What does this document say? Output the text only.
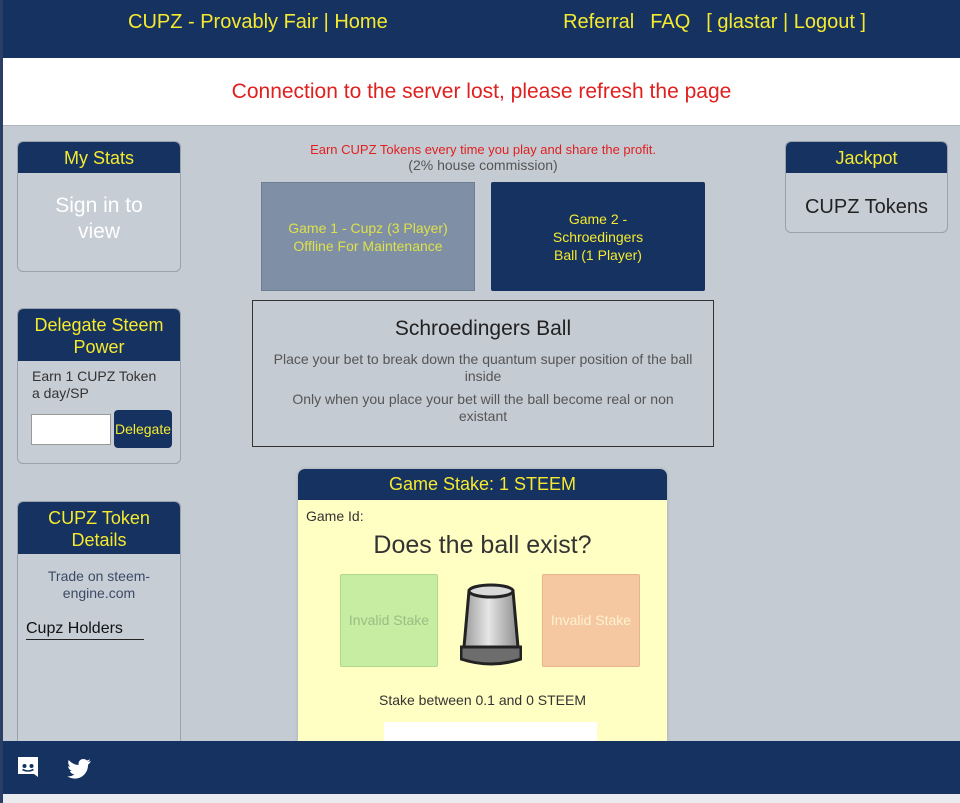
CUPZ - Provably Fair | Home	Referral FAQ [ glastar | Logout ]
Connection to the server lost, please refresh the page
My Stats
Sign in to view
Delegate Steem Power
Earn 1 CUPZ Token a day/SP
Delegate
CUPZ Token Details
Trade on steem-engine.com
Cupz Holders
Jackpot
CUPZ Tokens
Earn CUPZ Tokens every time you play and share the profit.
(2% house commission)
Game 1 - Cupz (3 Player) Offline For Maintenance
Game 2 - Schroedingers Ball (1 Player)
Schroedingers Ball

Place your bet to break down the quantum super position of the ball inside

Only when you place your bet will the ball become real or non existant

Game Stake: 1 STEEM
Game Id:
Does the ball exist?
Invalid Stake	Invalid Stake
Stake between 0.1 and 0 STEEM
